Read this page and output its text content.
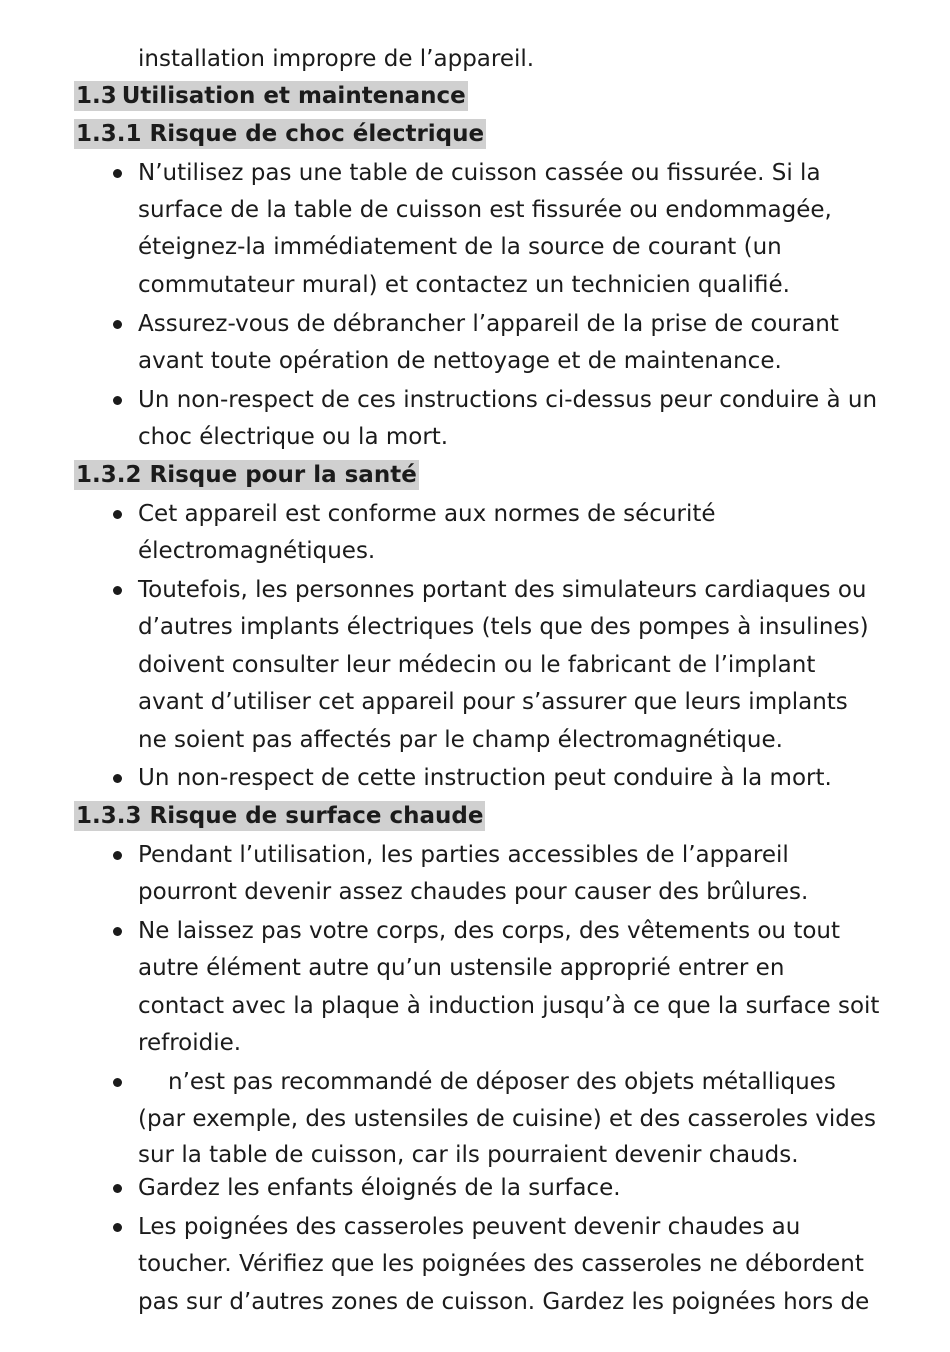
installation impropre de l’appareil.
1.3 Utilisation et maintenance
1.3.1 Risque de choc électrique
N’utilisez pas une table de cuisson cassée ou fissurée. Si la
surface de la table de cuisson est fissurée ou endommagée,
éteignez-la immédiatement de la source de courant (un
commutateur mural) et contactez un technicien qualifié.
Assurez-vous de débrancher l’appareil de la prise de courant
avant toute opération de nettoyage et de maintenance.
Un non-respect de ces instructions ci-dessus peur conduire à un
choc électrique ou la mort.
1.3.2 Risque pour la santé
Cet appareil est conforme aux normes de sécurité
électromagnétiques.
Toutefois, les personnes portant des simulateurs cardiaques ou
d’autres implants électriques (tels que des pompes à insulines)
doivent consulter leur médecin ou le fabricant de l’implant
avant d’utiliser cet appareil pour s’assurer que leurs implants
ne soient pas affectés par le champ électromagnétique.
Un non-respect de cette instruction peut conduire à la mort.
1.3.3 Risque de surface chaude
Pendant l’utilisation, les parties accessibles de l’appareil
pourront devenir assez chaudes pour causer des brûlures.
Ne laissez pas votre corps, des corps, des vêtements ou tout
autre élément autre qu’un ustensile approprié entrer en
contact avec la plaque à induction jusqu’à ce que la surface soit
refroidie.
n’est pas recommandé de déposer des objets métalliques
(par exemple, des ustensiles de cuisine) et des casseroles vides
sur la table de cuisson, car ils pourraient devenir chauds.
Gardez les enfants éloignés de la surface.
Les poignées des casseroles peuvent devenir chaudes au
toucher. Vérifiez que les poignées des casseroles ne débordent
pas sur d’autres zones de cuisson. Gardez les poignées hors de
